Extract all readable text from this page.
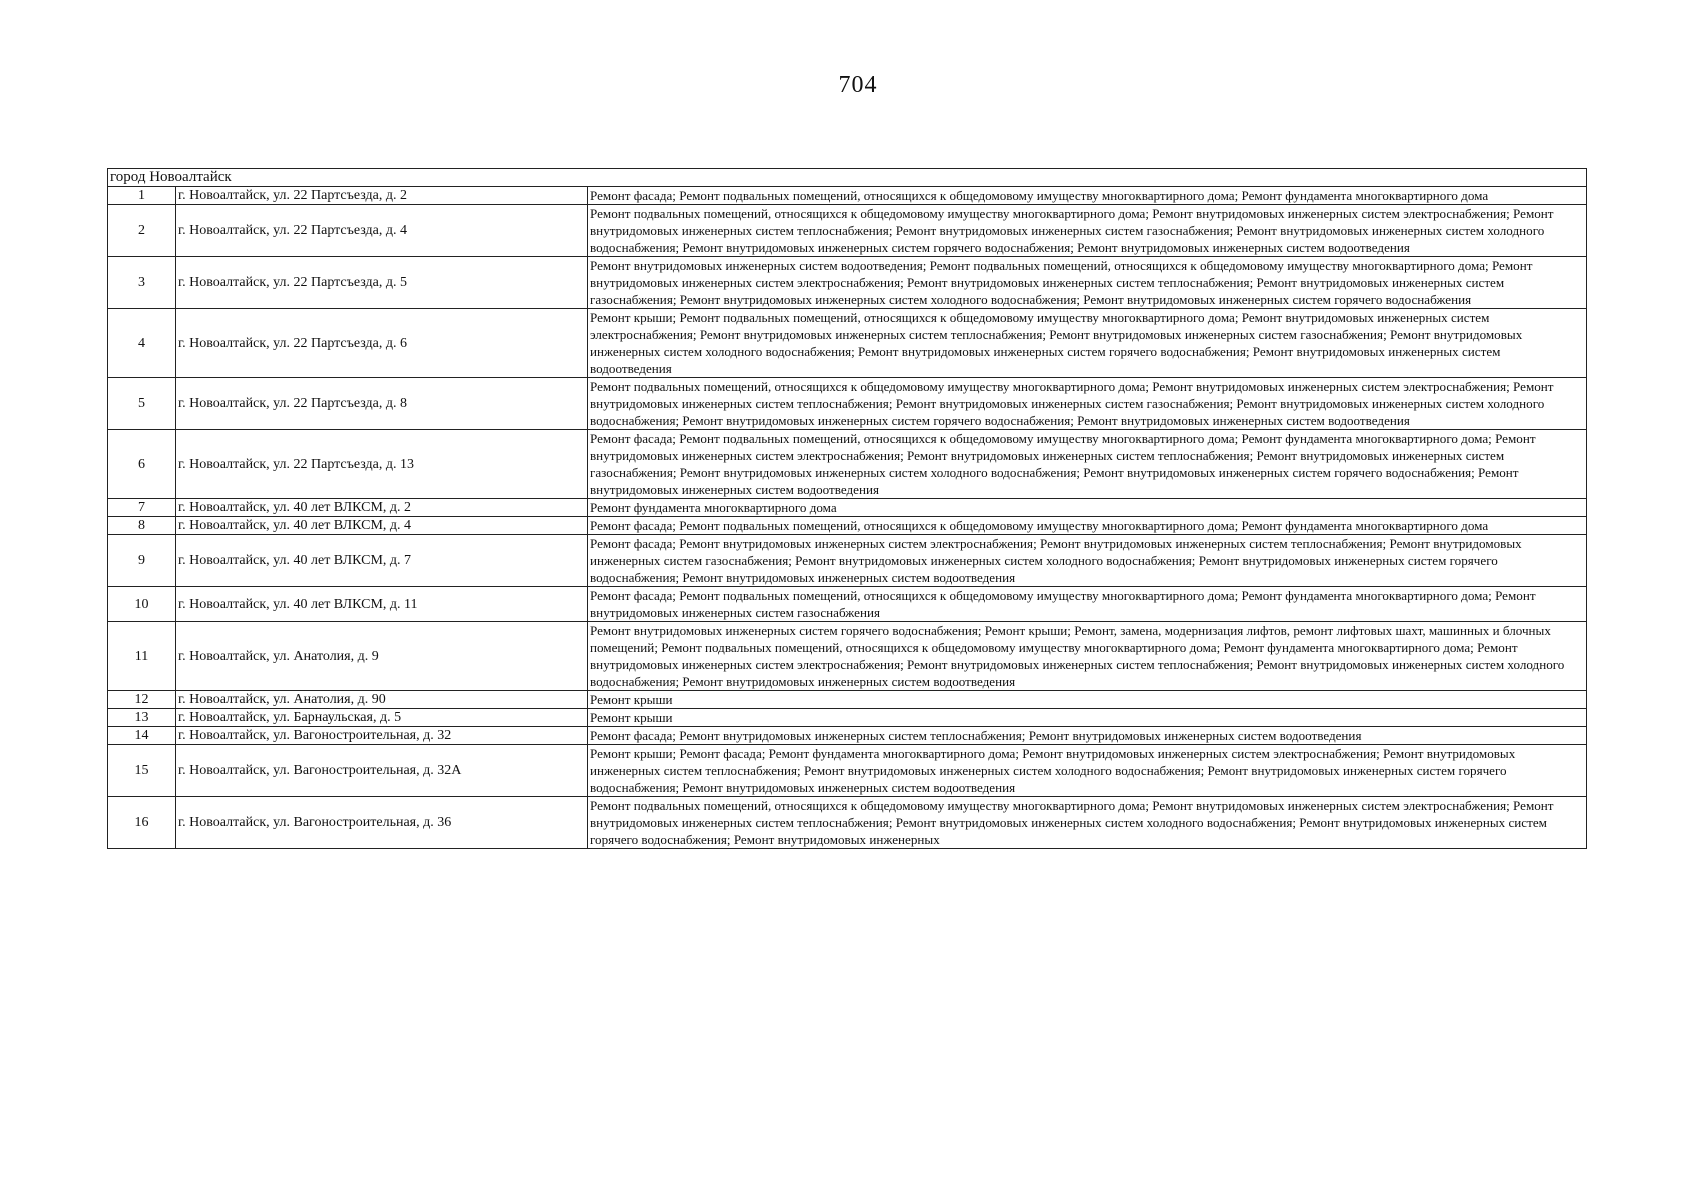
704
город Новоалтайск		
1	г. Новоалтайск, ул. 22 Партсъезда, д. 2	Ремонт фасада; Ремонт подвальных помещений, относящихся к общедомовому имуществу многоквартирного дома; Ремонт фундамента многоквартирного дома
2	г. Новоалтайск, ул. 22 Партсъезда, д. 4	Ремонт подвальных помещений, относящихся к общедомовому имуществу многоквартирного дома; Ремонт внутридомовых инженерных систем электроснабжения; Ремонт внутридомовых инженерных систем теплоснабжения; Ремонт внутридомовых инженерных систем газоснабжения; Ремонт внутридомовых инженерных систем холодного водоснабжения; Ремонт внутридомовых инженерных систем горячего водоснабжения; Ремонт внутридомовых инженерных систем водоотведения
3	г. Новоалтайск, ул. 22 Партсъезда, д. 5	Ремонт внутридомовых инженерных систем водоотведения; Ремонт подвальных помещений, относящихся к общедомовому имуществу многоквартирного дома; Ремонт внутридомовых инженерных систем электроснабжения; Ремонт внутридомовых инженерных систем теплоснабжения; Ремонт внутридомовых инженерных систем газоснабжения; Ремонт внутридомовых инженерных систем холодного водоснабжения; Ремонт внутридомовых инженерных систем горячего водоснабжения
4	г. Новоалтайск, ул. 22 Партсъезда, д. 6	Ремонт крыши; Ремонт подвальных помещений, относящихся к общедомовому имуществу многоквартирного дома; Ремонт внутридомовых инженерных систем электроснабжения; Ремонт внутридомовых инженерных систем теплоснабжения; Ремонт внутридомовых инженерных систем газоснабжения; Ремонт внутридомовых инженерных систем холодного водоснабжения; Ремонт внутридомовых инженерных систем горячего водоснабжения; Ремонт внутридомовых инженерных систем водоотведения
5	г. Новоалтайск, ул. 22 Партсъезда, д. 8	Ремонт подвальных помещений, относящихся к общедомовому имуществу многоквартирного дома; Ремонт внутридомовых инженерных систем электроснабжения; Ремонт внутридомовых инженерных систем теплоснабжения; Ремонт внутридомовых инженерных систем газоснабжения; Ремонт внутридомовых инженерных систем холодного водоснабжения; Ремонт внутридомовых инженерных систем горячего водоснабжения; Ремонт внутридомовых инженерных систем водоотведения
6	г. Новоалтайск, ул. 22 Партсъезда, д. 13	Ремонт фасада; Ремонт подвальных помещений, относящихся к общедомовому имуществу многоквартирного дома; Ремонт фундамента многоквартирного дома; Ремонт внутридомовых инженерных систем электроснабжения; Ремонт внутридомовых инженерных систем теплоснабжения; Ремонт внутридомовых инженерных систем газоснабжения; Ремонт внутридомовых инженерных систем холодного водоснабжения; Ремонт внутридомовых инженерных систем горячего водоснабжения; Ремонт внутридомовых инженерных систем водоотведения
7	г. Новоалтайск, ул. 40 лет ВЛКСМ, д. 2	Ремонт фундамента многоквартирного дома
8	г. Новоалтайск, ул. 40 лет ВЛКСМ, д. 4	Ремонт фасада; Ремонт подвальных помещений, относящихся к общедомовому имуществу многоквартирного дома; Ремонт фундамента многоквартирного дома
9	г. Новоалтайск, ул. 40 лет ВЛКСМ, д. 7	Ремонт фасада; Ремонт внутридомовых инженерных систем электроснабжения; Ремонт внутридомовых инженерных систем теплоснабжения; Ремонт внутридомовых инженерных систем газоснабжения; Ремонт внутридомовых инженерных систем холодного водоснабжения; Ремонт внутридомовых инженерных систем горячего водоснабжения; Ремонт внутридомовых инженерных систем водоотведения
10	г. Новоалтайск, ул. 40 лет ВЛКСМ, д. 11	Ремонт фасада; Ремонт подвальных помещений, относящихся к общедомовому имуществу многоквартирного дома; Ремонт фундамента многоквартирного дома; Ремонт внутридомовых инженерных систем газоснабжения
11	г. Новоалтайск, ул. Анатолия, д. 9	Ремонт внутридомовых инженерных систем горячего водоснабжения; Ремонт крыши; Ремонт, замена, модернизация лифтов, ремонт лифтовых шахт, машинных и блочных помещений; Ремонт подвальных помещений, относящихся к общедомовому имуществу многоквартирного дома; Ремонт фундамента многоквартирного дома; Ремонт внутридомовых инженерных систем электроснабжения; Ремонт внутридомовых инженерных систем теплоснабжения; Ремонт внутридомовых инженерных систем холодного водоснабжения; Ремонт внутридомовых инженерных систем водоотведения
12	г. Новоалтайск, ул. Анатолия, д. 90	Ремонт крыши
13	г. Новоалтайск, ул. Барнаульская, д. 5	Ремонт крыши
14	г. Новоалтайск, ул. Вагоностроительная, д. 32	Ремонт фасада; Ремонт внутридомовых инженерных систем теплоснабжения; Ремонт внутридомовых инженерных систем водоотведения
15	г. Новоалтайск, ул. Вагоностроительная, д. 32А	Ремонт крыши; Ремонт фасада; Ремонт фундамента многоквартирного дома; Ремонт внутридомовых инженерных систем электроснабжения; Ремонт внутридомовых инженерных систем теплоснабжения; Ремонт внутридомовых инженерных систем холодного водоснабжения; Ремонт внутридомовых инженерных систем горячего водоснабжения; Ремонт внутридомовых инженерных систем водоотведения
16	г. Новоалтайск, ул. Вагоностроительная, д. 36	Ремонт подвальных помещений, относящихся к общедомовому имуществу многоквартирного дома; Ремонт внутридомовых инженерных систем электроснабжения; Ремонт внутридомовых инженерных систем теплоснабжения; Ремонт внутридомовых инженерных систем холодного водоснабжения; Ремонт внутридомовых инженерных систем горячего водоснабжения; Ремонт внутридомовых инженерных
